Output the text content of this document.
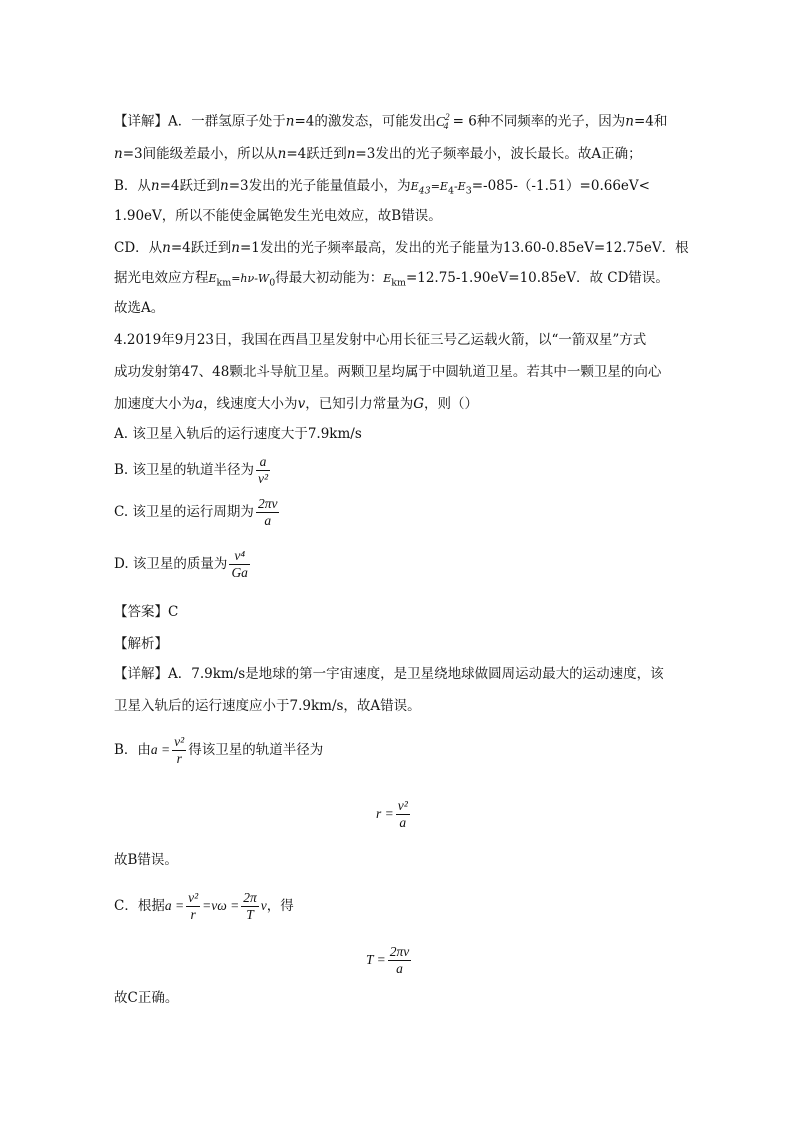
【详解】A．一群氢原子处于n=4的激发态，可能发出$C^2_4 = 6$种不同频率的光子，因为n=4和
n=3间能级差最小，所以从n=4跃迁到n=3发出的光子频率最小，波长最长。故A正确；
B．从n=4跃迁到n=3发出的光子能量值最小，为$E_{43}=E_4-E_3=-085-(-1.51)=0.66eV<$
1.90eV，所以不能使金属铯发生光电效应，故B错误。
CD．从n=4跃迁到n=1发出的光子频率最高，发出的光子能量为13.60-0.85eV=12.75eV．根
据光电效应方程$E_{km}=h\nu-W_0$得最大初动能为：$E_{km}=12.75-1.90eV=10.85eV$．故 CD错误。
故选A。
4.2019年9月23日，我国在西昌卫星发射中心用长征三号乙运载火箭，以“一箭双星”方式
成功发射第47、48颗北斗导航卫星。两颗卫星均属于中圆轨道卫星。若其中一颗卫星的向心
加速度大小为a，线速度大小为v，已知引力常量为G，则（）
A. 该卫星入轨后的运行速度大于7.9km/s
B. 该卫星的轨道半径为 $\frac{a}{\text{v²}}$
C. 该卫星的运行周期为 $\frac{2\pi v}{a}$
D. 该卫星的质量为 $\frac{\text{v⁴}}{Ga}$
【答案】C
【解析】
【详解】A．7.9km/s是地球的第一宇宙速度，是卫星绕地球做圆周运动最大的运动速度，该
卫星入轨后的运行速度应小于7.9km/s，故A错误。
B．由$a = \frac{\text{v²}}{r}$ 得该卫星的轨道半径为
$r = \frac{\text{v²}}{a}$
故B错误。
C．根据$a = \frac{\text{v²}}{r} =v\omega = \frac{2\pi}{T}$ v，得
$T = \frac{2\pi v}{a}$
故C正确。
